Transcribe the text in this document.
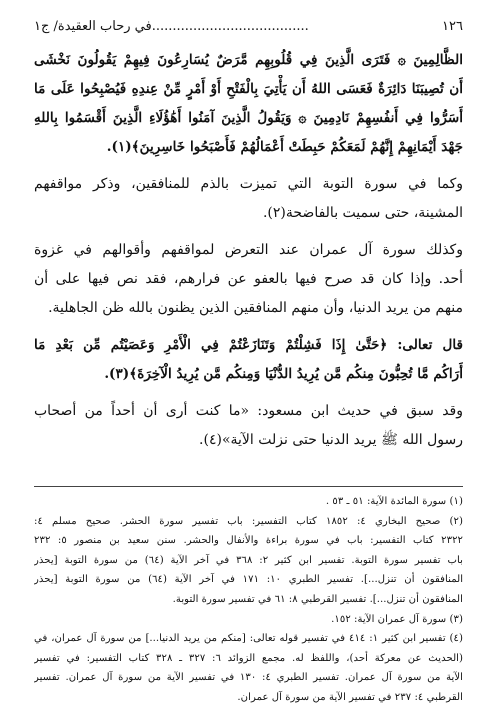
١٢٦
......................................في رحاب العقيدة/ ج١
الظَّالِمِينَ ۞ فَتَرَى الَّذِينَ فِي قُلُوبِهِم مَّرَضٌ يُسَارِعُونَ فِيهِمْ يَقُولُونَ نَخْشَى
أَن تُصِيبَنَا دَائِرَةٌ فَعَسَى اللهُ أَن يَأْتِيَ بِالْفَتْحِ أَوْ أَمْرٍ مِّنْ عِندِهِ فَيُصْبِحُوا عَلَى مَا
أَسَرُّوا فِي أَنفُسِهِمْ نَادِمِينَ ۞ وَيَقُولُ الَّذِينَ آمَنُوا أَهَٰؤُلَاءِ الَّذِينَ أَقْسَمُوا بِاللهِ
جَهْدَ أَيْمَانِهِمْ إِنَّهُمْ لَمَعَكُمْ حَبِطَتْ أَعْمَالُهُمْ فَأَصْبَحُوا خَاسِرِينَ﴾(١).
وكما في سورة التوبة التي تميزت بالذم للمنافقين، وذكر مواقفهم
المشينة، حتى سميت بالفاضحة(٢).
وكذلك سورة آل عمران عند التعرض لمواقفهم وأقوالهم في غزوة
أحد. وإذا كان قد صرح فيها بالعفو عن فرارهم، فقد نص فيها على أن
منهم من يريد الدنيا، وأن منهم المنافقين الذين يظنون بالله ظن الجاهلية.
قال تعالى: ﴿حَتَّىٰ إِذَا فَشِلْتُمْ وَتَنَازَعْتُمْ فِي الْأَمْرِ وَعَصَيْتُم مِّن بَعْدِ مَا
أَرَاكُم مَّا تُحِبُّونَ مِنكُم مَّن يُرِيدُ الدُّنْيَا وَمِنكُم مَّن يُرِيدُ الْآخِرَةَ﴾(٣).
وقد سبق في حديث ابن مسعود: «ما كنت أرى أن أحداً من أصحاب
رسول الله ﷺ يريد الدنيا حتى نزلت الآية»(٤).
(١) سورة المائدة الآية: ٥١ ـ ٥٣ .
(٢) صحيح البخاري ٤: ١٨٥٢ كتاب التفسير: باب تفسير سورة الحشر. صحيح مسلم ٤:
٢٣٢٢ كتاب التفسير: باب في سورة براءة والأنفال والحشر. سنن سعيد بن منصور ٥: ٢٣٢
باب تفسير سورة التوبة. تفسير ابن كثير ٢: ٣٦٨ في آخر الآية (٦٤) من سورة التوبة [يحذر
المنافقون أن تنزل...]. تفسير الطبري ١٠: ١٧١ في آخر الآية (٦٤) من سورة التوبة [يحذر
المنافقون أن تنزل...]. تفسير القرطبي ٨: ٦١ في تفسير سورة التوبة.
(٣) سورة آل عمران الآية: ١٥٢.
(٤) تفسير ابن كثير ١: ٤١٤ في تفسير قوله تعالى: [منكم من يريد الدنيا...] من سورة آل عمران، في
(الحديث عن معركة أحد)، واللفظ له. مجمع الزوائد ٦: ٣٢٧ ـ ٣٢٨ كتاب التفسير: في تفسير
الآية من سورة آل عمران. تفسير الطبري ٤: ١٣٠ في تفسير الآية من سورة آل عمران. تفسير
القرطبي ٤: ٢٣٧ في تفسير الآية من سورة آل عمران.
